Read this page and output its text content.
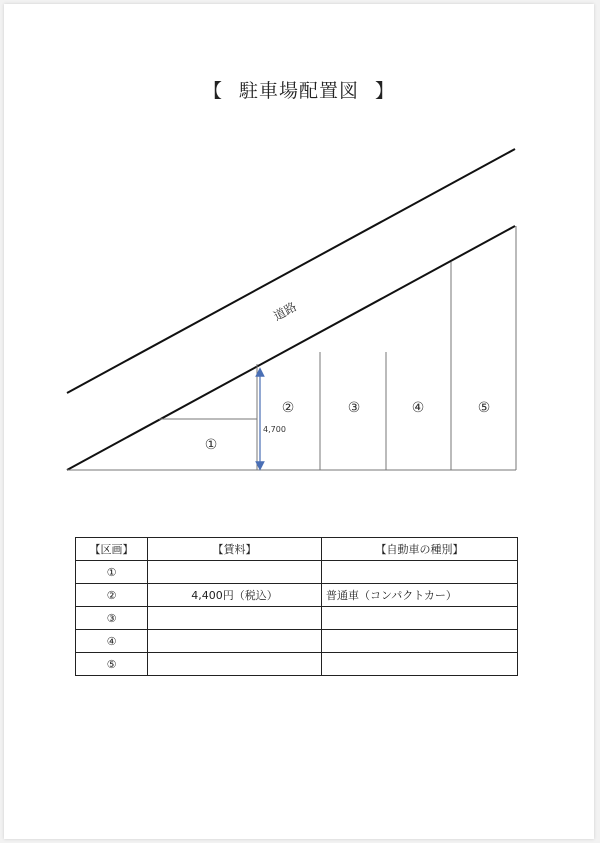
【 駐車場配置図 】
4,700
道路
①
②	③	④	⑤
【区画】	【賃料】	【自動車の種別】
①		
②	4,400円（税込）	普通車（コンパクトカー）
③		
④		
⑤		
